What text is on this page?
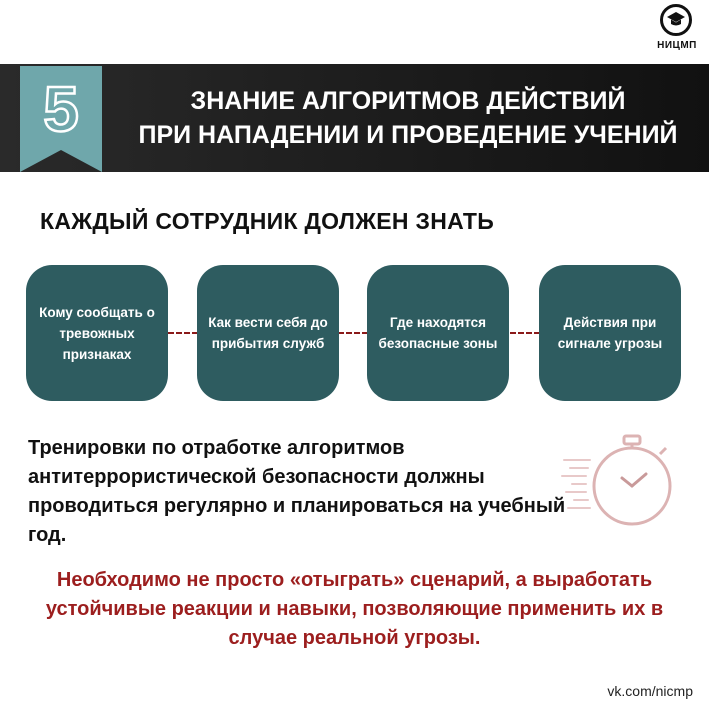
НИЦМП
5	ЗНАНИЕ АЛГОРИТМОВ ДЕЙСТВИЙ
ПРИ НАПАДЕНИИ И ПРОВЕДЕНИЕ УЧЕНИЙ
КАЖДЫЙ СОТРУДНИК ДОЛЖЕН ЗНАТЬ
Кому сообщать о тревожных признаках
Как вести себя до прибытия служб
Где находятся безопасные зоны
Действия при сигнале угрозы
Тренировки по отработке алгоритмов антитеррористической безопасности должны проводиться регулярно и планироваться на учебный год.
Необходимо не просто «отыграть» сценарий, а выработать устойчивые реакции и навыки, позволяющие применить их в случае реальной угрозы.
vk.com/nicmp
